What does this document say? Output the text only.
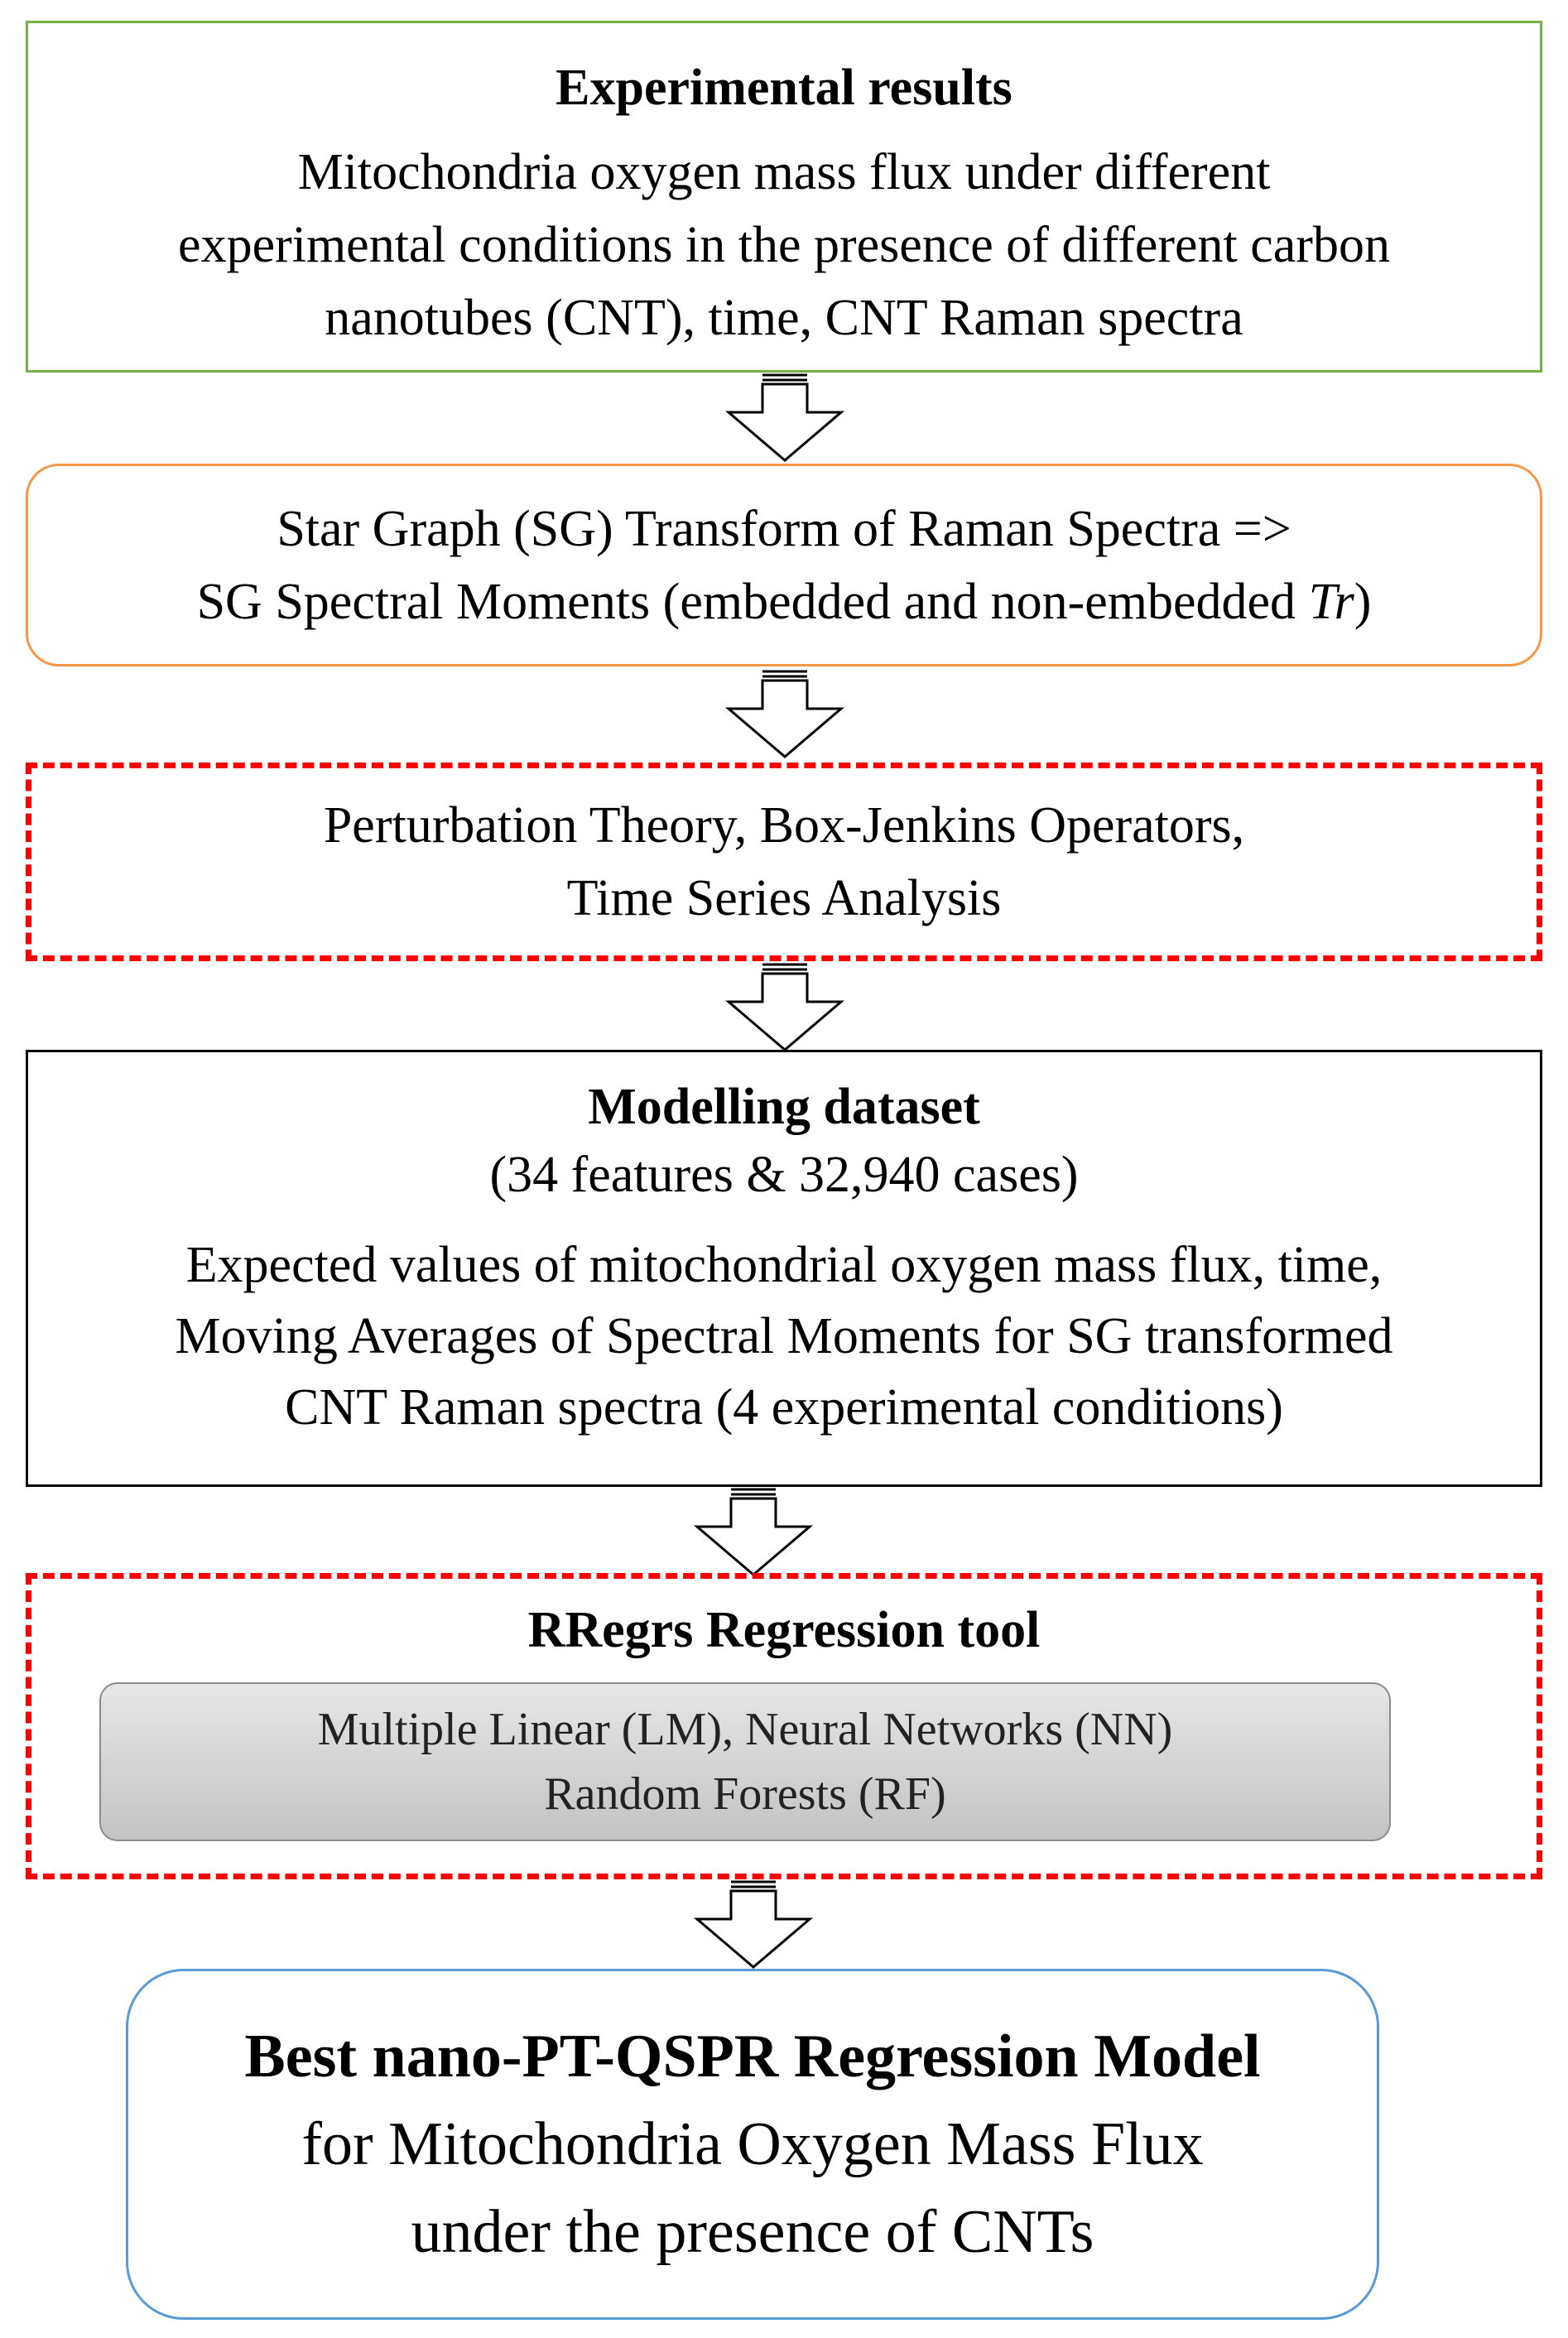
Experimental results
Mitochondria oxygen mass flux under different
experimental conditions in the presence of different carbon
nanotubes (CNT), time, CNT Raman spectra
Star Graph (SG) Transform of Raman Spectra =>
SG Spectral Moments (embedded and non-embedded Tr)
Perturbation Theory, Box-Jenkins Operators,
Time Series Analysis
Modelling dataset
(34 features & 32,940 cases)
Expected values of mitochondrial oxygen mass flux, time,
Moving Averages of Spectral Moments for SG transformed
CNT Raman spectra (4 experimental conditions)
RRegrs Regression tool
Multiple Linear (LM), Neural Networks (NN)
Random Forests (RF)
Best nano-PT-QSPR Regression Model
for Mitochondria Oxygen Mass Flux
under the presence of CNTs
